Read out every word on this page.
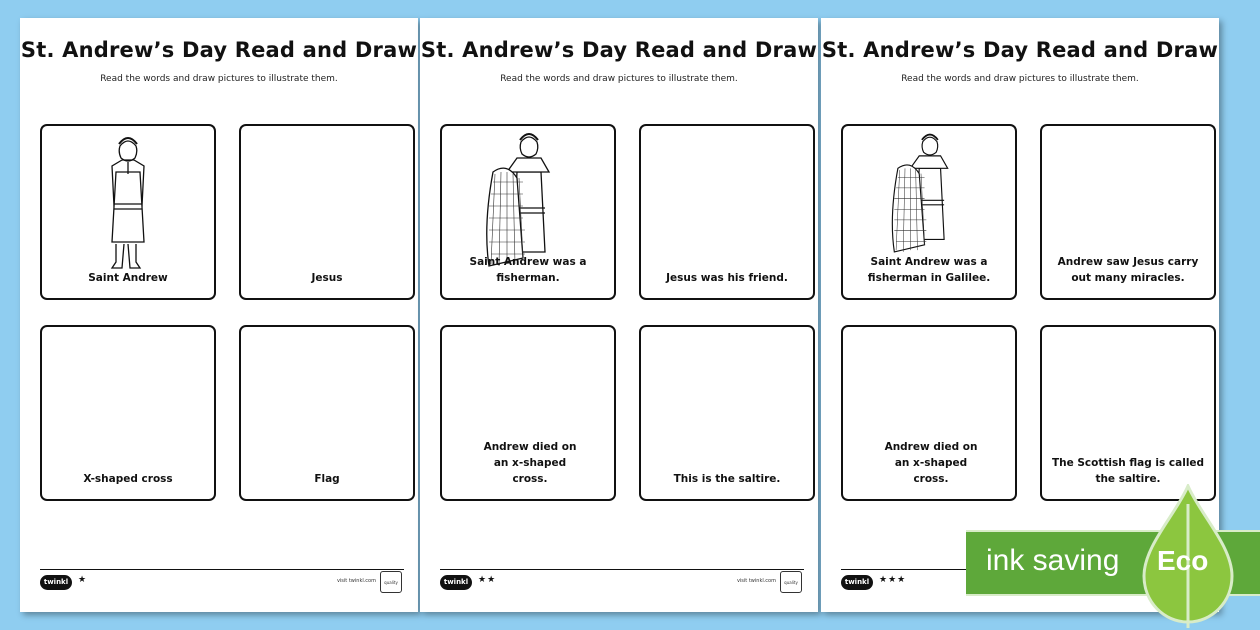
St. Andrew’s Day Read and Draw
Read the words and draw pictures to illustrate them.
Saint Andrew	Jesus
X-shaped cross	Flag
twinkl	★	visit twinkl.com	quality
St. Andrew’s Day Read and Draw
Read the words and draw pictures to illustrate them.
Saint Andrew was a fisherman.	Jesus was his friend.
Andrew died on an x-shaped cross.	This is the saltire.
twinkl	★★	visit twinkl.com	quality
St. Andrew’s Day Read and Draw
Read the words and draw pictures to illustrate them.
Saint Andrew was a fisherman in Galilee.
Andrew saw Jesus carry out many miracles.
Andrew died on an x-shaped cross.
The Scottish flag is called the saltire.
twinkl	★★★
ink saving Eco
